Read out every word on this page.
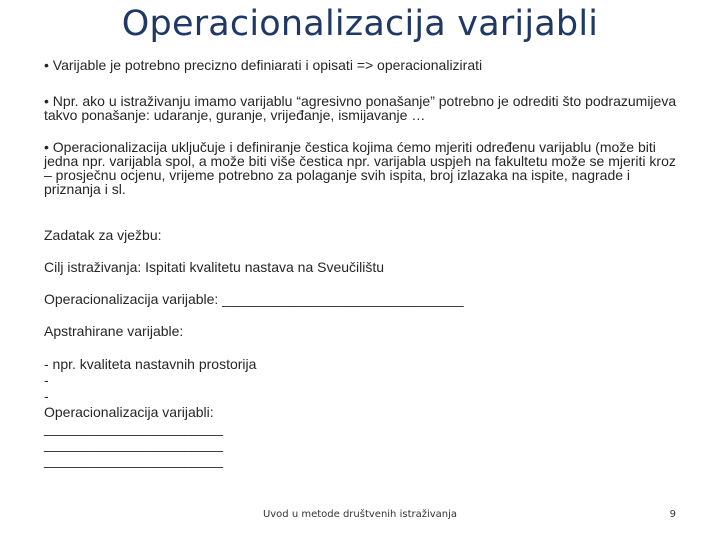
Operacionalizacija varijabli

• Varijable je potrebno precizno definiarati i opisati => operacionalizirati

• Npr. ako u istraživanju imamo varijablu “agresivno ponašanje” potrebno je odrediti što podrazumijeva takvo ponašanje: udaranje, guranje, vrijeđanje, ismijavanje …

• Operacionalizacija uključuje i definiranje čestica kojima ćemo mjeriti određenu varijablu (može biti jedna npr. varijabla spol, a može biti više čestica npr. varijabla uspjeh na fakultetu može se mjeriti kroz – prosječnu ocjenu, vrijeme potrebno za polaganje svih ispita, broj izlazaka na ispite, nagrade i priznanja i sl.

Zadatak za vježbu:

Cilj istraživanja: Ispitati kvalitetu nastava na Sveučilištu

Operacionalizacija varijable: _______________________________

Apstrahirane varijable:

- npr. kvaliteta nastavnih prostorija
-
-
Operacionalizacija varijabli:
_______________________
_______________________
_______________________
Uvod u metode društvenih istraživanja	9
